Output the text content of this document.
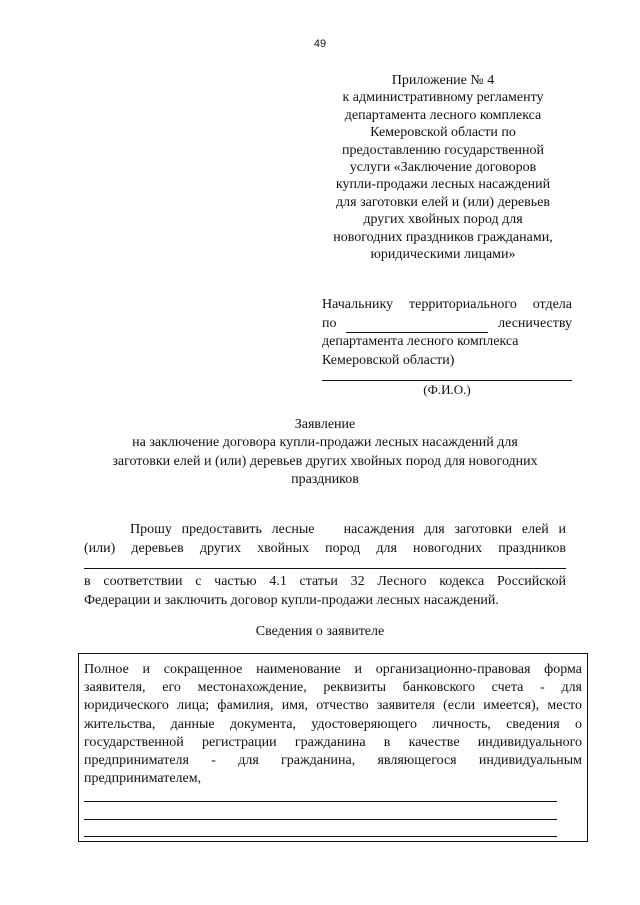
49
Приложение № 4
к административному регламенту
департамента лесного комплекса
Кемеровской области по
предоставлению государственной
услуги «Заключение договоров
купли-продажи лесных насаждений
для заготовки елей и (или) деревьев
других хвойных пород для
новогодних праздников гражданами,
юридическими лицами»
Начальнику территориального отдела
по	лесничеству
департамента лесного комплекса
Кемеровской области)
(Ф.И.О.)
Заявление
на заключение договора купли-продажи лесных насаждений для
заготовки елей и (или) деревьев других хвойных пород для новогодних
праздников
Прошу предоставить лесные   насаждения для заготовки елей и
(или) деревьев других хвойных пород для новогодних праздников
в соответствии с частью 4.1 статьи 32 Лесного кодекса Российской
Федерации и заключить договор купли-продажи лесных насаждений.
Сведения о заявителе
Полное и сокращенное наименование и организационно-правовая форма
заявителя, его местонахождение, реквизиты банковского счета - для
юридического лица; фамилия, имя, отчество заявителя (если имеется), место
жительства, данные документа, удостоверяющего личность, сведения о
государственной регистрации гражданина в качестве индивидуального
предпринимателя - для гражданина, являющегося индивидуальным
предпринимателем,
